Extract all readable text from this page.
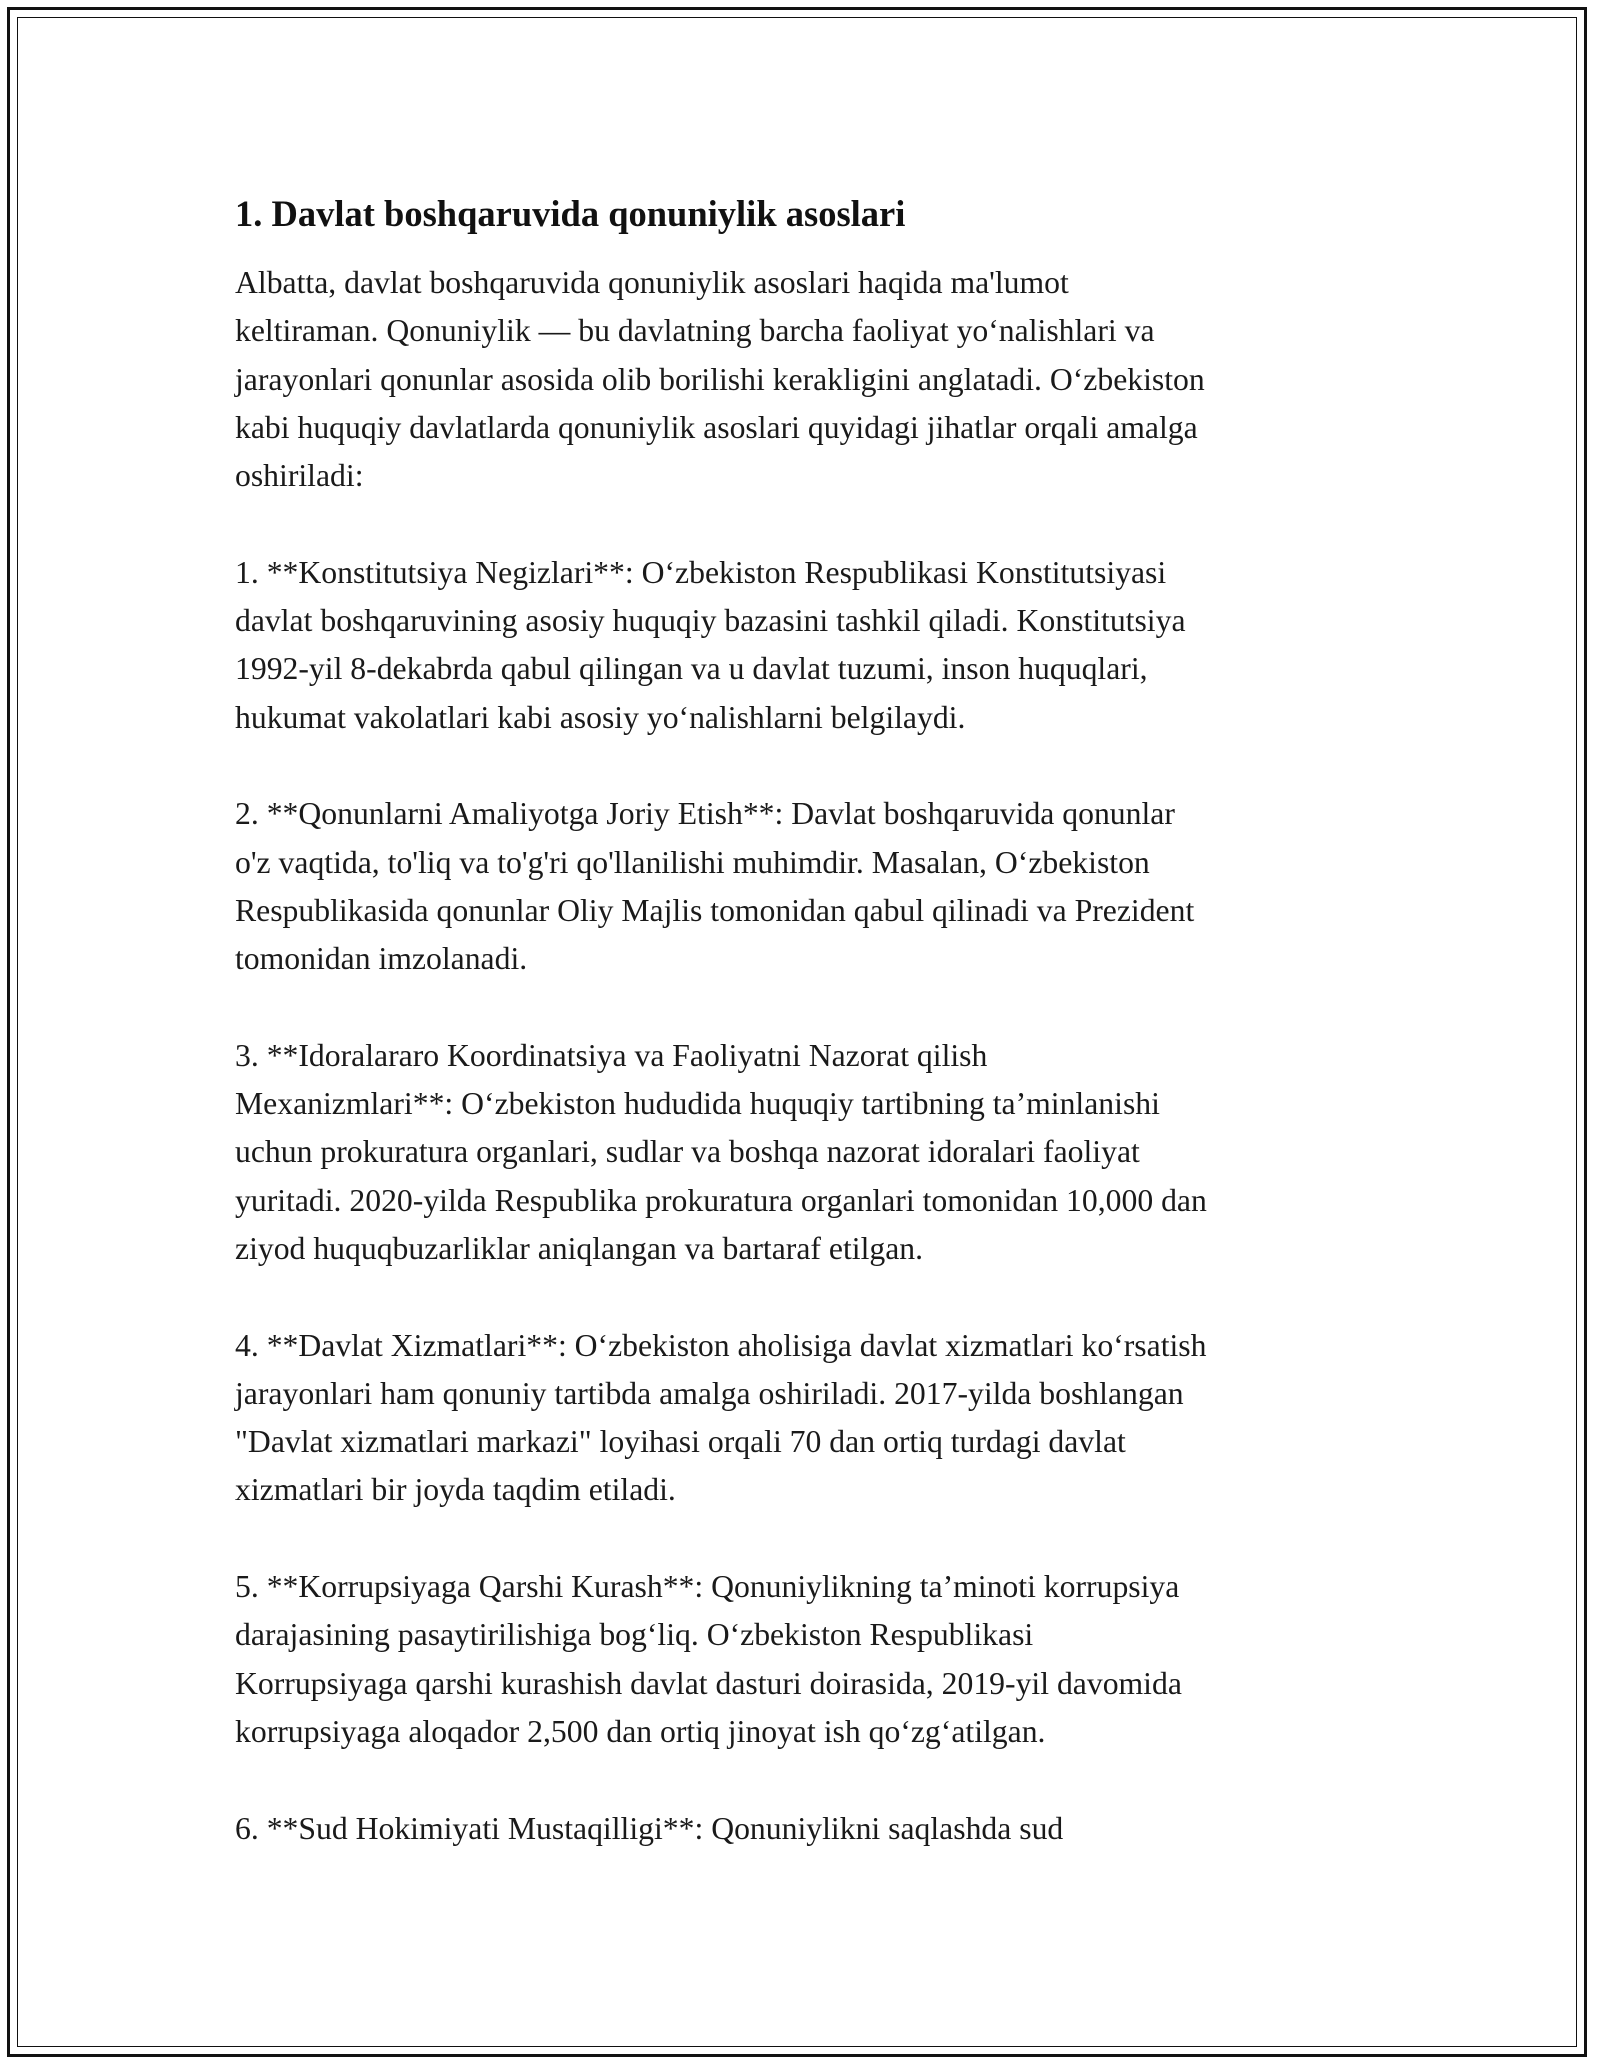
1. Davlat boshqaruvida qonuniylik asoslari

Albatta, davlat boshqaruvida qonuniylik asoslari haqida ma'lumot
keltiraman. Qonuniylik — bu davlatning barcha faoliyat yo‘nalishlari va
jarayonlari qonunlar asosida olib borilishi kerakligini anglatadi. O‘zbekiston
kabi huquqiy davlatlarda qonuniylik asoslari quyidagi jihatlar orqali amalga
oshiriladi:

1. **Konstitutsiya Negizlari**: O‘zbekiston Respublikasi Konstitutsiyasi
davlat boshqaruvining asosiy huquqiy bazasini tashkil qiladi. Konstitutsiya
1992-yil 8-dekabrda qabul qilingan va u davlat tuzumi, inson huquqlari,
hukumat vakolatlari kabi asosiy yo‘nalishlarni belgilaydi.

2. **Qonunlarni Amaliyotga Joriy Etish**: Davlat boshqaruvida qonunlar
o'z vaqtida, to'liq va to'g'ri qo'llanilishi muhimdir. Masalan, O‘zbekiston
Respublikasida qonunlar Oliy Majlis tomonidan qabul qilinadi va Prezident
tomonidan imzolanadi.

3. **Idoralararo Koordinatsiya va Faoliyatni Nazorat qilish
Mexanizmlari**: O‘zbekiston hududida huquqiy tartibning ta’minlanishi
uchun prokuratura organlari, sudlar va boshqa nazorat idoralari faoliyat
yuritadi. 2020-yilda Respublika prokuratura organlari tomonidan 10,000 dan
ziyod huquqbuzarliklar aniqlangan va bartaraf etilgan.

4. **Davlat Xizmatlari**: O‘zbekiston aholisiga davlat xizmatlari ko‘rsatish
jarayonlari ham qonuniy tartibda amalga oshiriladi. 2017-yilda boshlangan
"Davlat xizmatlari markazi" loyihasi orqali 70 dan ortiq turdagi davlat
xizmatlari bir joyda taqdim etiladi.

5. **Korrupsiyaga Qarshi Kurash**: Qonuniylikning ta’minoti korrupsiya
darajasining pasaytirilishiga bog‘liq. O‘zbekiston Respublikasi
Korrupsiyaga qarshi kurashish davlat dasturi doirasida, 2019-yil davomida
korrupsiyaga aloqador 2,500 dan ortiq jinoyat ish qo‘zg‘atilgan.

6. **Sud Hokimiyati Mustaqilligi**: Qonuniylikni saqlashda sud
